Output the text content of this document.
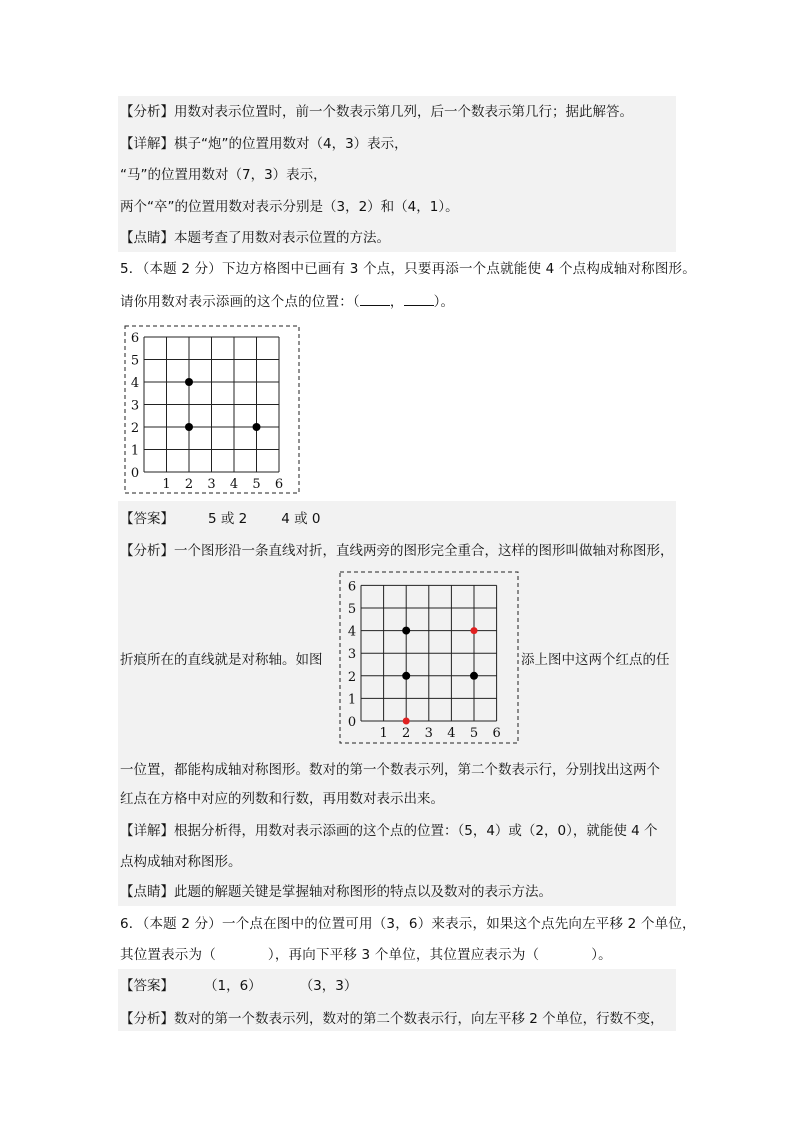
【分析】用数对表示位置时，前一个数表示第几列，后一个数表示第几行；据此解答。
【详解】棋子“炮”的位置用数对（4，3）表示，
“马”的位置用数对（7，3）表示，
两个“卒”的位置用数对表示分别是（3，2）和（4，1）。
【点睛】本题考查了用数对表示位置的方法。
5．（本题 2 分）下边方格图中已画有 3 个点，只要再添一个点就能使 4 个点构成轴对称图形。
请你用数对表示添画的这个点的位置：（ ， ）。
1 2 3 4 5 6
0
1
2
3
4
5
6
【答案】	5 或 2	4 或 0
【分析】一个图形沿一条直线对折，直线两旁的图形完全重合，这样的图形叫做轴对称图形，
1 2 3 4 5 6
0
1
2
3
4
5
6
折痕所在的直线就是对称轴。如图	添上图中这两个红点的任
一位置，都能构成轴对称图形。数对的第一个数表示列，第二个数表示行，分别找出这两个
红点在方格中对应的列数和行数，再用数对表示出来。
【详解】根据分析得，用数对表示添画的这个点的位置：（5，4）或（2，0），就能使 4 个
点构成轴对称图形。
【点睛】此题的解题关键是掌握轴对称图形的特点以及数对的表示方法。
6．（本题 2 分）一个点在图中的位置可用（3，6）来表示，如果这个点先向左平移 2 个单位，
其位置表示为（	），再向下平移 3 个单位，其位置应表示为（	）。
【答案】 （1，6）	（3，3）
【分析】数对的第一个数表示列，数对的第二个数表示行，向左平移 2 个单位，行数不变，
